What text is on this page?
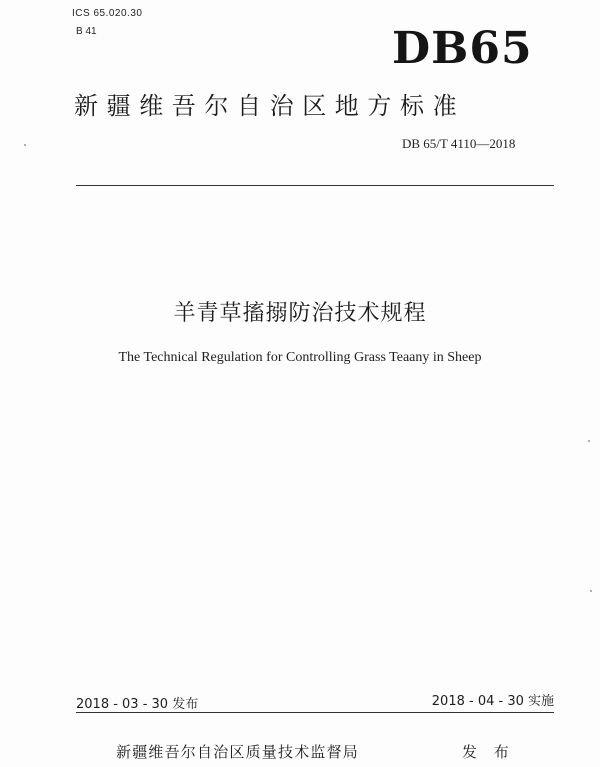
ICS 65.020.30
B 41	DB65
新疆维吾尔自治区地方标准
DB 65/T 4110—2018
羊青草搐搦防治技术规程
The Technical Regulation for Controlling Grass Teaany in Sheep
2018 - 03 - 30 发布	2018 - 04 - 30 实施
新疆维吾尔自治区质量技术监督局	发 布
